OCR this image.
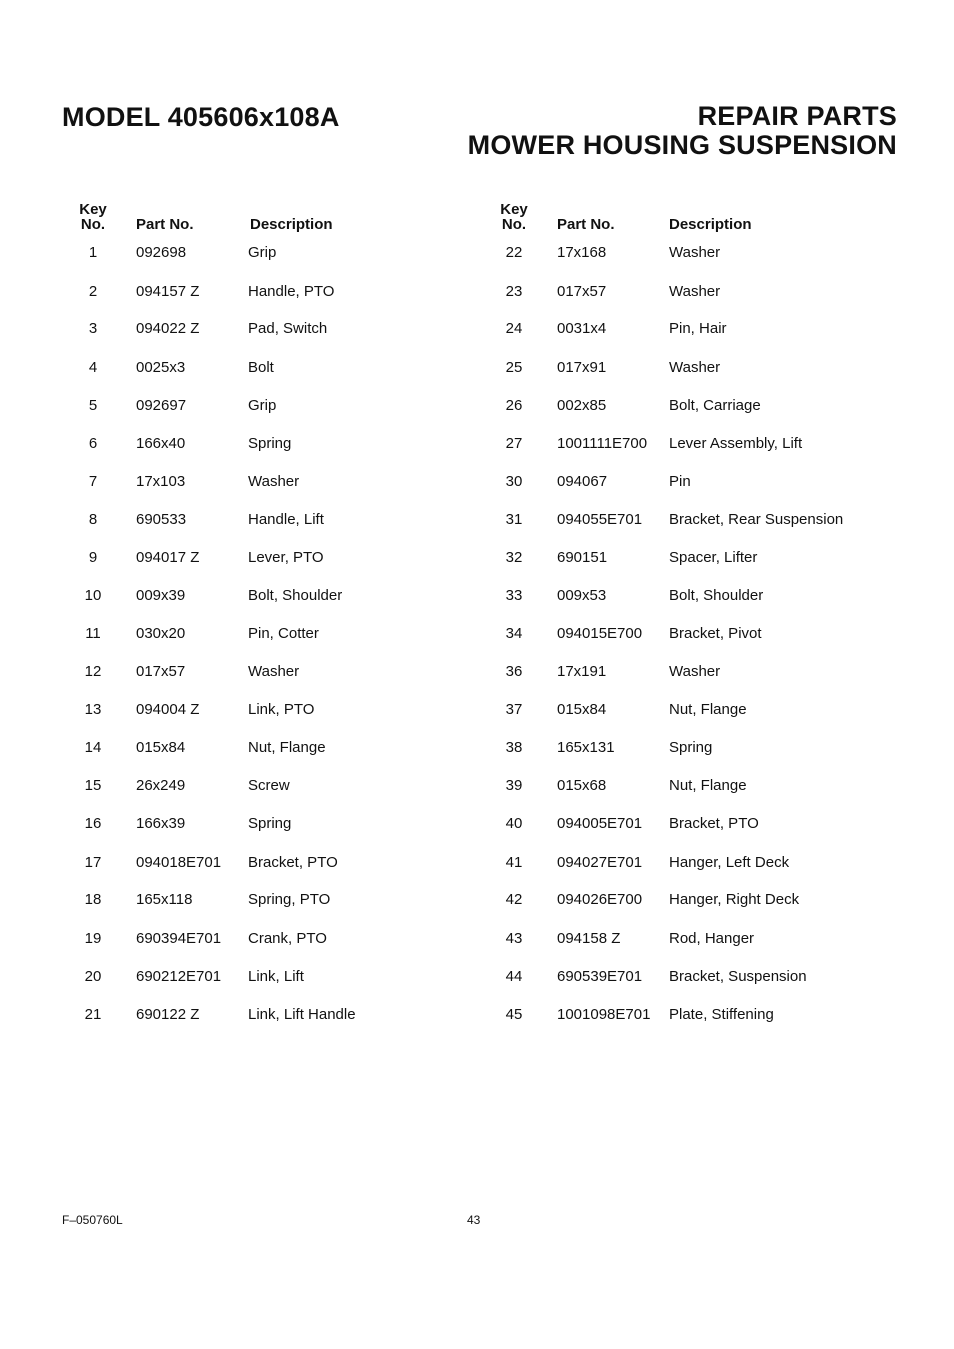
MODEL 405606x108A	REPAIR PARTS
MOWER HOUSING SUSPENSION
Key
No.	Part No.	Description
Key
No.	Part No.	Description
1	092698	Grip
2	094157 Z	Handle, PTO
3	094022 Z	Pad, Switch
4	0025x3	Bolt
5	092697	Grip
6	166x40	Spring
7	17x103	Washer
8	690533	Handle, Lift
9	094017 Z	Lever, PTO
10	009x39	Bolt, Shoulder
11	030x20	Pin, Cotter
12	017x57	Washer
13	094004 Z	Link, PTO
14	015x84	Nut, Flange
15	26x249	Screw
16	166x39	Spring
17	094018E701 Bracket, PTO
18	165x118	Spring, PTO
19	690394E701 Crank, PTO
20	690212E701 Link, Lift
21	690122 Z	Link, Lift Handle
22	17x168	Washer
23	017x57	Washer
24	0031x4	Pin, Hair
25	017x91	Washer
26	002x85	Bolt, Carriage
27	1001111E700 Lever Assembly, Lift
30	094067	Pin
31	094055E701 Bracket, Rear Suspension
32	690151	Spacer, Lifter
33	009x53	Bolt, Shoulder
34	094015E700 Bracket, Pivot
36	17x191	Washer
37	015x84	Nut, Flange
38	165x131	Spring
39	015x68	Nut, Flange
40	094005E701 Bracket, PTO
41	094027E701 Hanger, Left Deck
42	094026E700 Hanger, Right Deck
43	094158 Z	Rod, Hanger
44	690539E701 Bracket, Suspension
45	1001098E701 Plate, Stiffening
F–050760L	43
